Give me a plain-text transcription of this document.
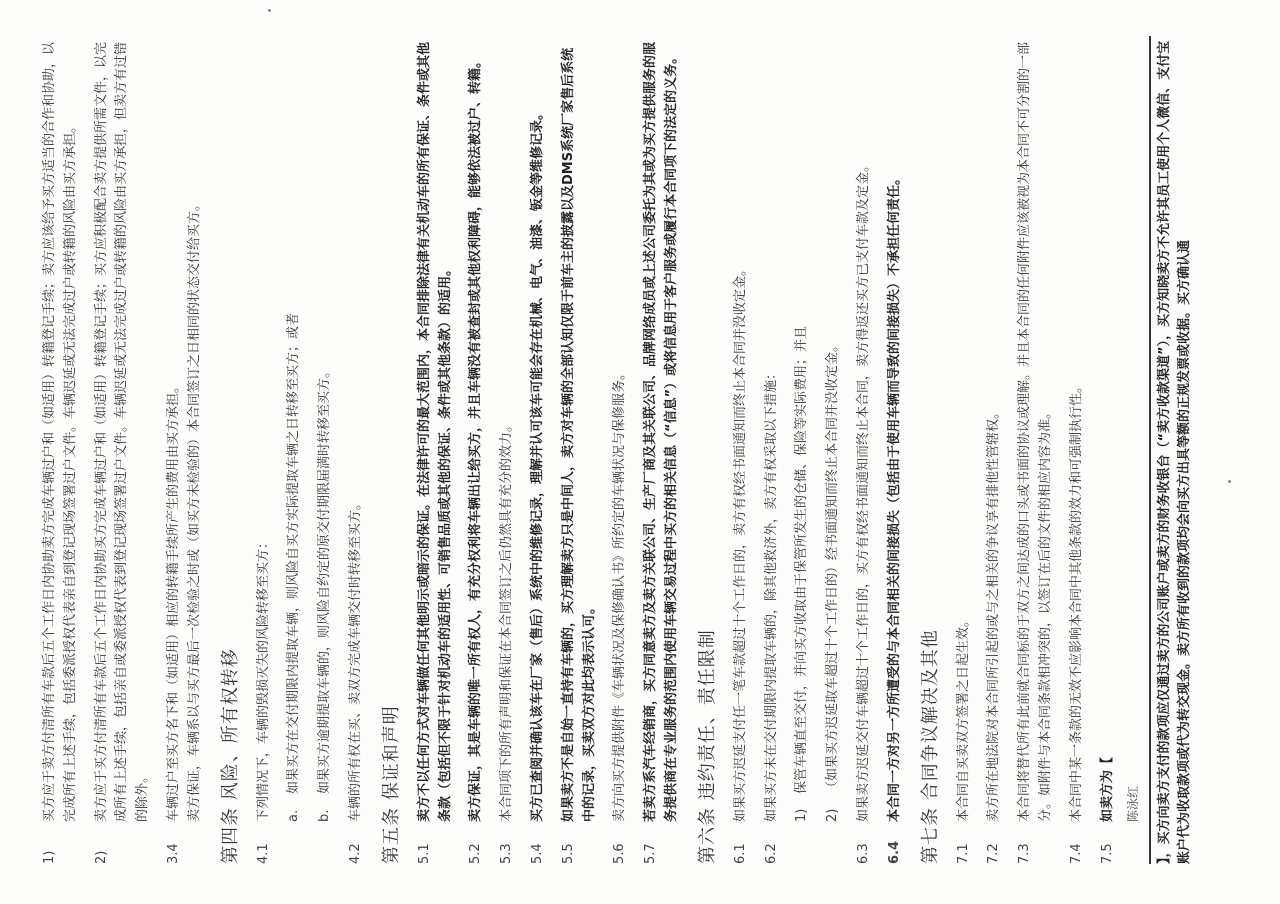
1)
买方应于卖方付清所有车款后五个工作日内协助卖方完成车辆过户和（如适用）转籍登记手续；卖方应该给予买方适当的合作和协助，以完成所有上述手续，包括委派授权代表亲自到登记现场签署过户文件。车辆迟延或无法完成过户或转籍的风险由买方承担。
2)
卖方应于买方付清所有车款后五个工作日内协助买方完成车辆过户和（如适用）转籍登记手续；买方应积极配合卖方提供所需文件，以完成所有上述手续，包括亲自或委派授权代表到登记现场签署过户文件。车辆迟延或无法完成过户或转籍的风险由买方承担，但卖方有过错的除外。
3.4
车辆过户至买方名下和（如适用）相应的转籍手续所产生的费用由买方承担。 卖方保证，车辆系以与买方最后一次检验之时或（如买方未检验的）本合同签订之日相同的状态交付给买方。 第四条 风险、所有权转移 4.1
下列情况下，车辆的毁损灭失的风险转移至买方： a.
如果买方在交付期限内提取车辆，则风险自买方实际提取车辆之日转移至买方；或者
b.
如果买方逾期提取车辆的，则风险自约定的原交付期限届满时转移至买方。
4.2
车辆的所有权在买、卖双方完成车辆交付时转移至买方。 第五条 保证和声明 5.1
卖方不以任何方式对车辆做任何其他明示或暗示的保证。在法律许可的最大范围内，本合同排除法律有关机动车的所有保证、条件或其他条款（包括但不限于针对机动车的适用性、可销售品质或其他的保证、条件或其他条款）的适用。
5.2
卖方保证，其是车辆的唯一所有权人，有充分权利将车辆出让给买方，并且车辆没有被查封或其他权利障碍，能够依法被过户、转籍。
5.3
本合同项下的所有声明和保证在本合同签订之后仍然具有充分的效力。
5.4
买方已查阅并确认该车在厂家（售后）系统中的维修记录，理解并认可该车可能会存在机械、电气、油漆、钣金等维修记录。
5.5
如果卖方不是自始一直持有车辆的，买方理解卖方只是中间人，卖方对车辆的全部认知仅限于前车主的披露以及DMS系统厂家售后系统中的记录，买卖双方对此均表示认可。
5.6
卖方向买方提供附件《车辆状况及保修确认书》所约定的车辆状况与保修服务。
5.7
若卖方系汽车经销商，买方同意卖方及卖方关联公司、生产厂商及其关联公司、品牌网络成员或上述公司委托为其或为买方提供服务的服务提供商在专业服务的范围内使用车辆交易过程中买方的相关信息（“信息”）或将信息用于客户服务或履行本合同项下的法定的义务。 第六条 违约责任、责任限制 6.1
如果买方迟延支付任一笔车款超过十个工作日的，卖方有权经书面通知而终止本合同并没收定金。
6.2
如果买方未在交付期限内提取车辆的，除其他救济外，卖方有权采取以下措施： 1)
保管车辆直至交付，并向买方收取由于保管所发生的仓储、保险等实际费用；并且
2)
（如果买方迟延取车超过十个工作日的）经书面通知而终止本合同并没收定金。
6.3
如果卖方迟延交付车辆超过十个工作日的，买方有权经书面通知而终止本合同，卖方得返还买方已支付车款及定金。
6.4
本合同一方对另一方所遭受的与本合同相关的间接损失（包括由于使用车辆而导致的间接损失）不承担任何责任。 第七条 合同争议解决及其他 7.1
本合同自买卖双方签署之日起生效。
7.2
卖方所在地法院对本合同所引起的或与之相关的争议享有排他性管辖权。
7.3
本合同将替代所有此前就合同标的于双方之间达成的口头或书面的协议或理解。并且本合同的任何附件应该被视为本合同不可分割的一部分。如附件与本合同条款相冲突的，以签订在后的文件的相应内容为准。
7.4
本合同中某一条款的无效不应影响本合同中其他条款的效力和可强制执行性。
7.5
如卖方为【 陈泳红 】，买方向卖方支付的款项应仅通过卖方的公司账户或卖方的财务收银台（“卖方收款渠道”），买方知晓卖方不允许其员工使用个人微信、支付宝账户代为收取款项或代为转交现金。卖方所有收到的款项均会向买方出具等额的正规发票或收据。买方确认通
